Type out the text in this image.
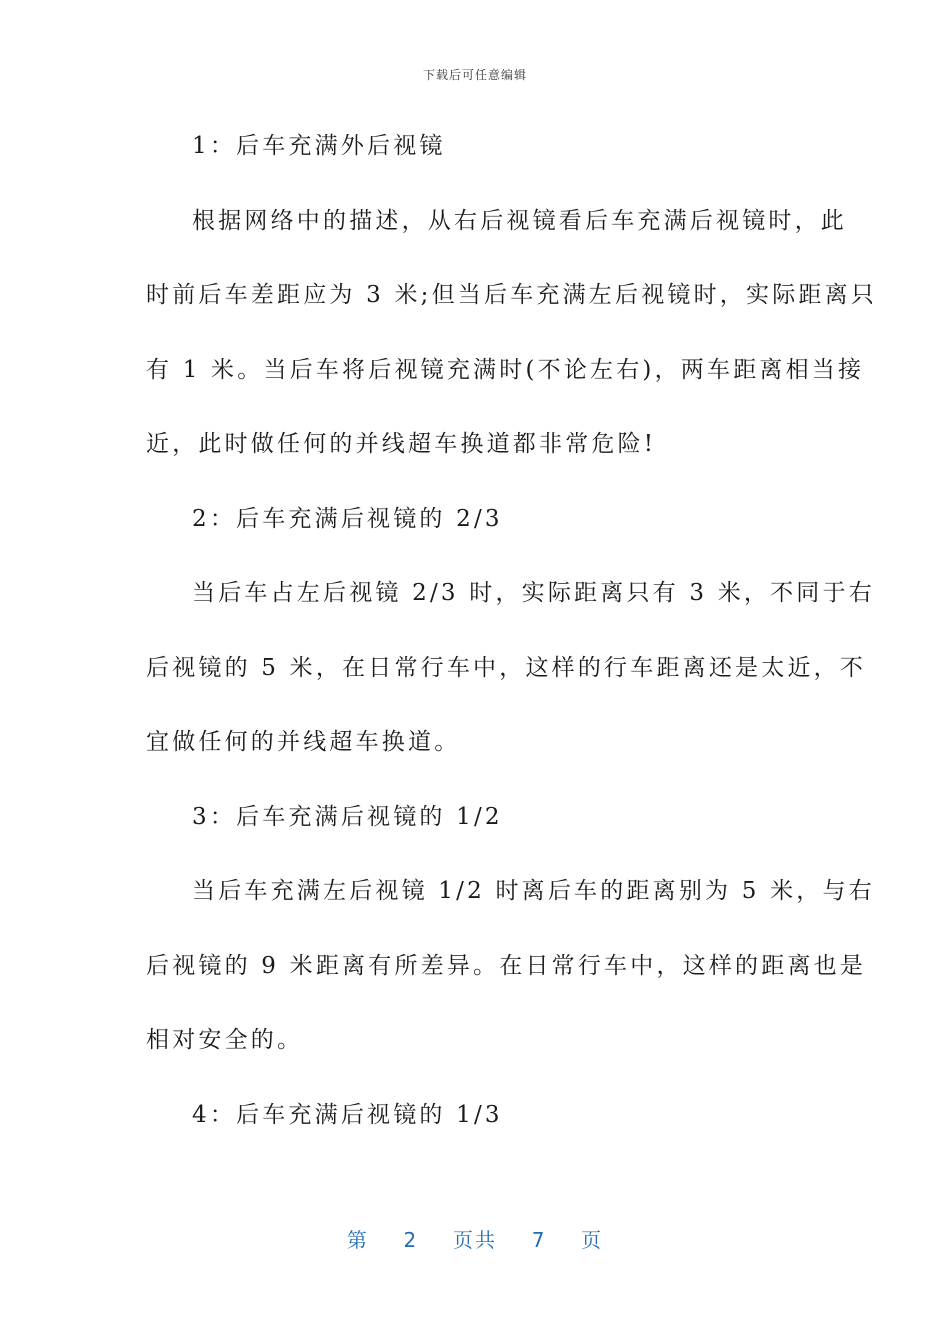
下载后可任意编辑
1：后车充满外后视镜
根据网络中的描述，从右后视镜看后车充满后视镜时，此
时前后车差距应为 3 米;但当后车充满左后视镜时，实际距离只
有 1 米。当后车将后视镜充满时(不论左右)，两车距离相当接
近，此时做任何的并线超车换道都非常危险!
2：后车充满后视镜的 2/3
当后车占左后视镜 2/3 时，实际距离只有 3 米，不同于右
后视镜的 5 米，在日常行车中，这样的行车距离还是太近，不
宜做任何的并线超车换道。
3：后车充满后视镜的 1/2
当后车充满左后视镜 1/2 时离后车的距离别为 5 米，与右
后视镜的 9 米距离有所差异。在日常行车中，这样的距离也是
相对安全的。
4：后车充满后视镜的 1/3
第 2 页共 7 页
